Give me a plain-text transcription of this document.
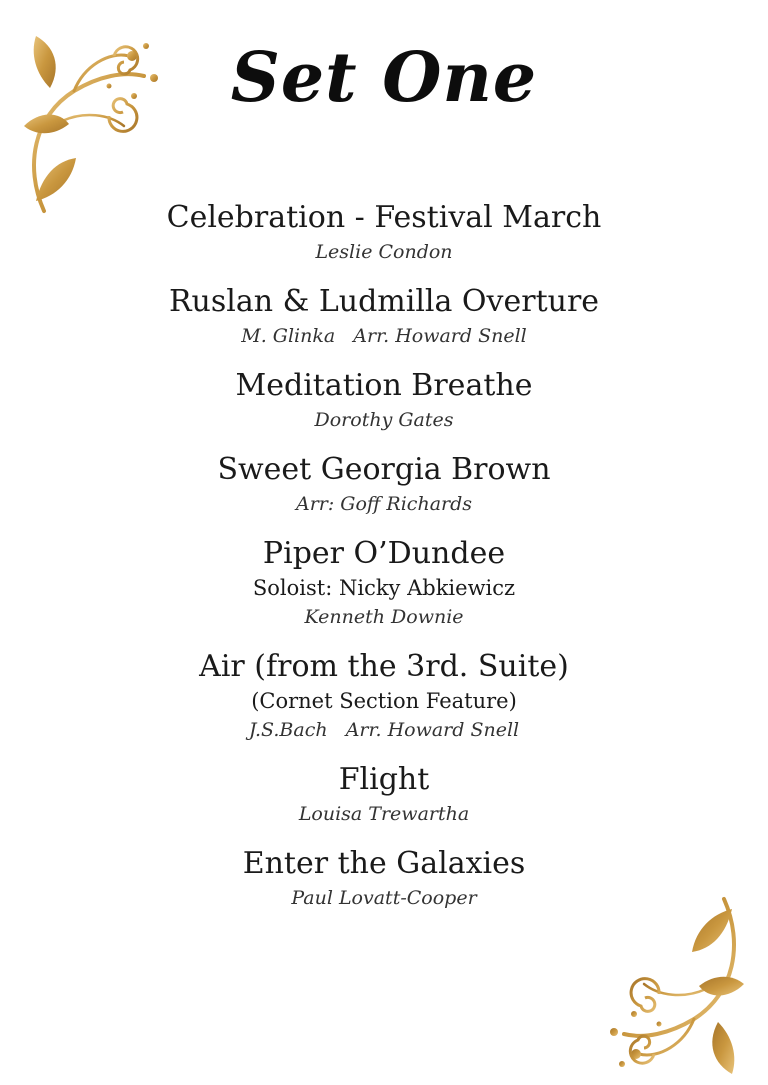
Set One
Celebration - Festival March
Leslie Condon
Ruslan & Ludmilla Overture
M. Glinka   Arr. Howard Snell
Meditation Breathe
Dorothy Gates
Sweet Georgia Brown
Arr: Goff Richards
Piper O’Dundee
Soloist: Nicky Abkiewicz
Kenneth Downie
Air (from the 3rd. Suite)
(Cornet Section Feature)
J.S.Bach   Arr. Howard Snell
Flight
Louisa Trewartha
Enter the Galaxies
Paul Lovatt-Cooper
